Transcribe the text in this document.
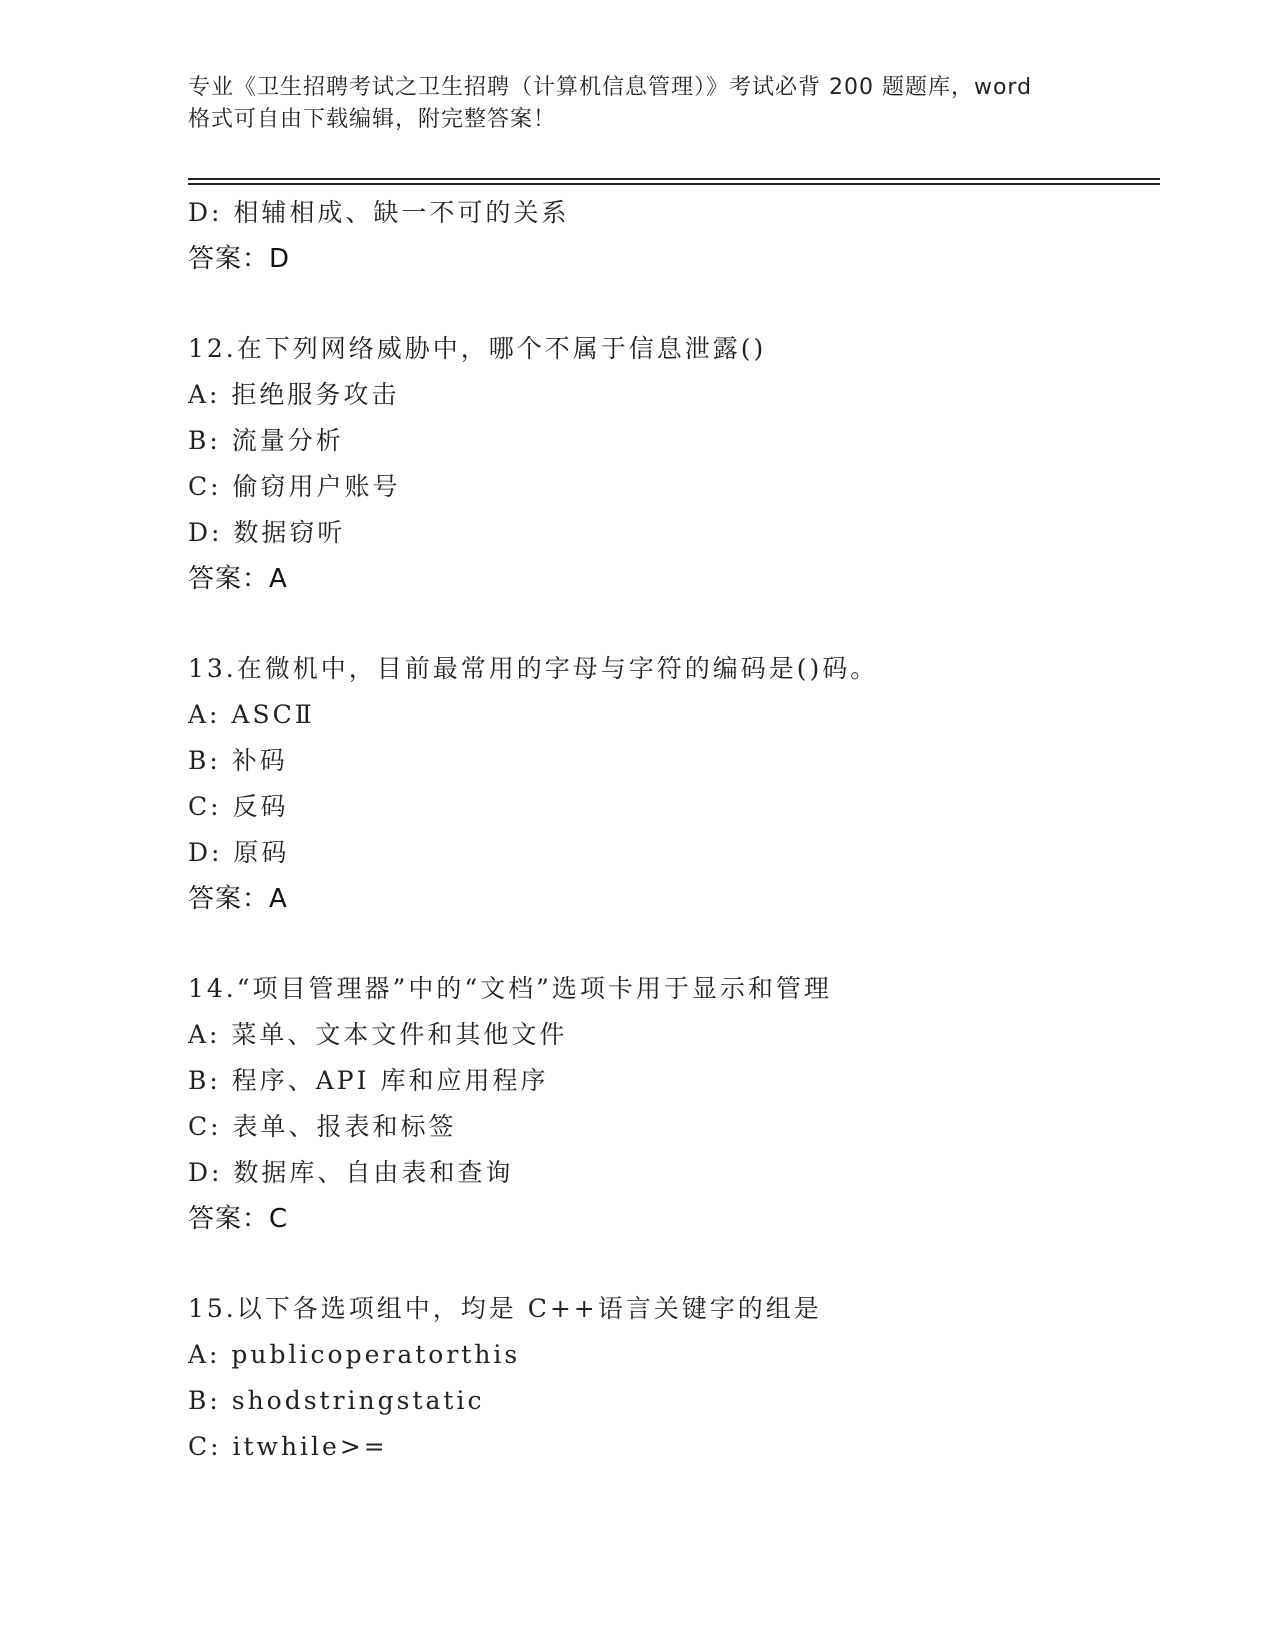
专业《卫生招聘考试之卫生招聘（计算机信息管理）》考试必背 200 题题库，word
格式可自由下载编辑，附完整答案！
D: 相辅相成、缺一不可的关系
答案：D
12.在下列网络威胁中，哪个不属于信息泄露()
A: 拒绝服务攻击
B: 流量分析
C: 偷窃用户账号
D: 数据窃听
答案：A
13.在微机中，目前最常用的字母与字符的编码是()码。
A: ASCⅡ
B: 补码
C: 反码
D: 原码
答案：A
14.“项目管理器”中的“文档”选项卡用于显示和管理
A: 菜单、文本文件和其他文件
B: 程序、API 库和应用程序
C: 表单、报表和标签
D: 数据库、自由表和查询
答案：C
15.以下各选项组中，均是 C++语言关键字的组是
A: publicoperatorthis
B: shodstringstatic
C: itwhile>=
